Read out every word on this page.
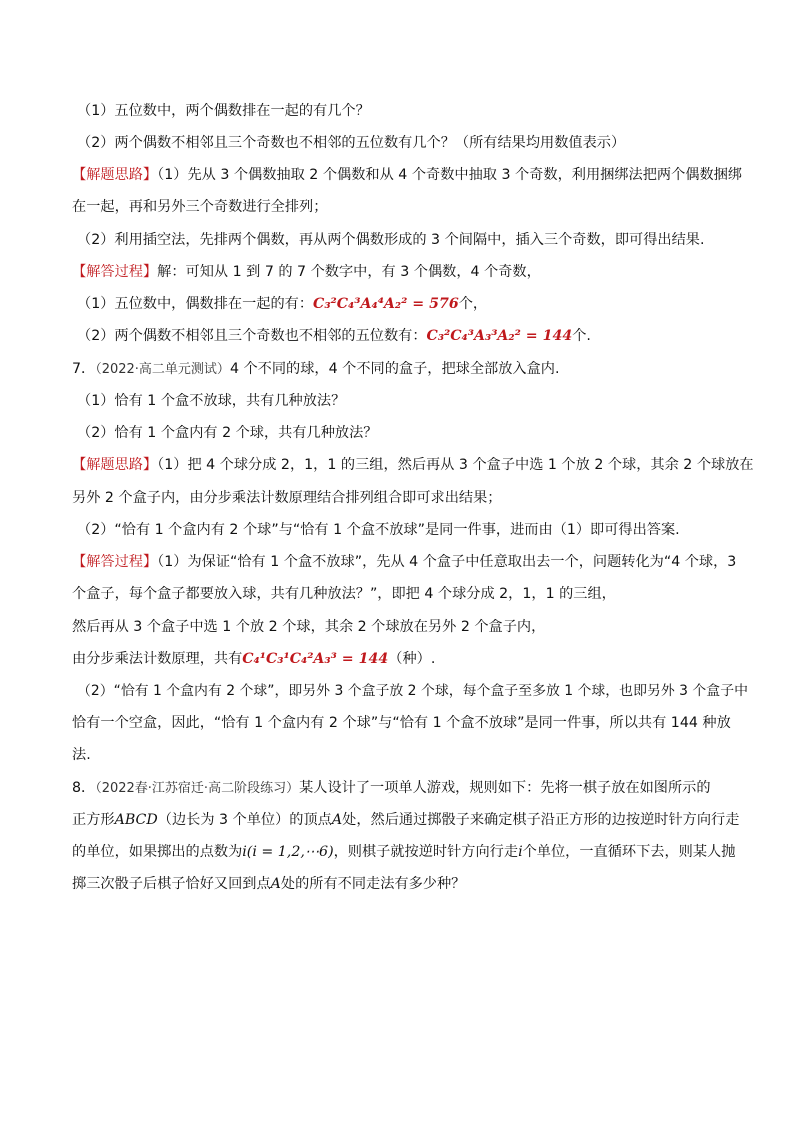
（1）五位数中，两个偶数排在一起的有几个？
（2）两个偶数不相邻且三个奇数也不相邻的五位数有几个？（所有结果均用数值表示）
【解题思路】（1）先从 3 个偶数抽取 2 个偶数和从 4 个奇数中抽取 3 个奇数，利用捆绑法把两个偶数捆绑
在一起，再和另外三个奇数进行全排列；
（2）利用插空法，先排两个偶数，再从两个偶数形成的 3 个间隔中，插入三个奇数，即可得出结果.
【解答过程】解：可知从 1 到 7 的 7 个数字中，有 3 个偶数，4 个奇数，
（1）五位数中，偶数排在一起的有：C₃²C₄³A₄⁴A₂² = 576个，
（2）两个偶数不相邻且三个奇数也不相邻的五位数有：C₃²C₄³A₃³A₂² = 144个.
7．（2022·高二单元测试）4 个不同的球，4 个不同的盒子，把球全部放入盒内.
（1）恰有 1 个盒不放球，共有几种放法？
（2）恰有 1 个盒内有 2 个球，共有几种放法？
【解题思路】（1）把 4 个球分成 2，1，1 的三组，然后再从 3 个盒子中选 1 个放 2 个球，其余 2 个球放在
另外 2 个盒子内，由分步乘法计数原理结合排列组合即可求出结果；
（2）“恰有 1 个盒内有 2 个球”与“恰有 1 个盒不放球”是同一件事，进而由（1）即可得出答案.
【解答过程】（1）为保证“恰有 1 个盒不放球”，先从 4 个盒子中任意取出去一个，问题转化为“4 个球，3
个盒子，每个盒子都要放入球，共有几种放法？”，即把 4 个球分成 2，1，1 的三组，
然后再从 3 个盒子中选 1 个放 2 个球，其余 2 个球放在另外 2 个盒子内，
由分步乘法计数原理，共有C₄¹C₃¹C₄²A₃³ = 144（种）.
（2）“恰有 1 个盒内有 2 个球”，即另外 3 个盒子放 2 个球，每个盒子至多放 1 个球，也即另外 3 个盒子中
恰有一个空盒，因此，“恰有 1 个盒内有 2 个球”与“恰有 1 个盒不放球”是同一件事，所以共有 144 种放
法.
8．（2022春·江苏宿迁·高二阶段练习）某人设计了一项单人游戏，规则如下：先将一棋子放在如图所示的
正方形ABCD（边长为 3 个单位）的顶点A处，然后通过掷骰子来确定棋子沿正方形的边按逆时针方向行走
的单位，如果掷出的点数为i(i = 1,2,⋯6)，则棋子就按逆时针方向行走i个单位，一直循环下去，则某人抛
掷三次骰子后棋子恰好又回到点A处的所有不同走法有多少种？
